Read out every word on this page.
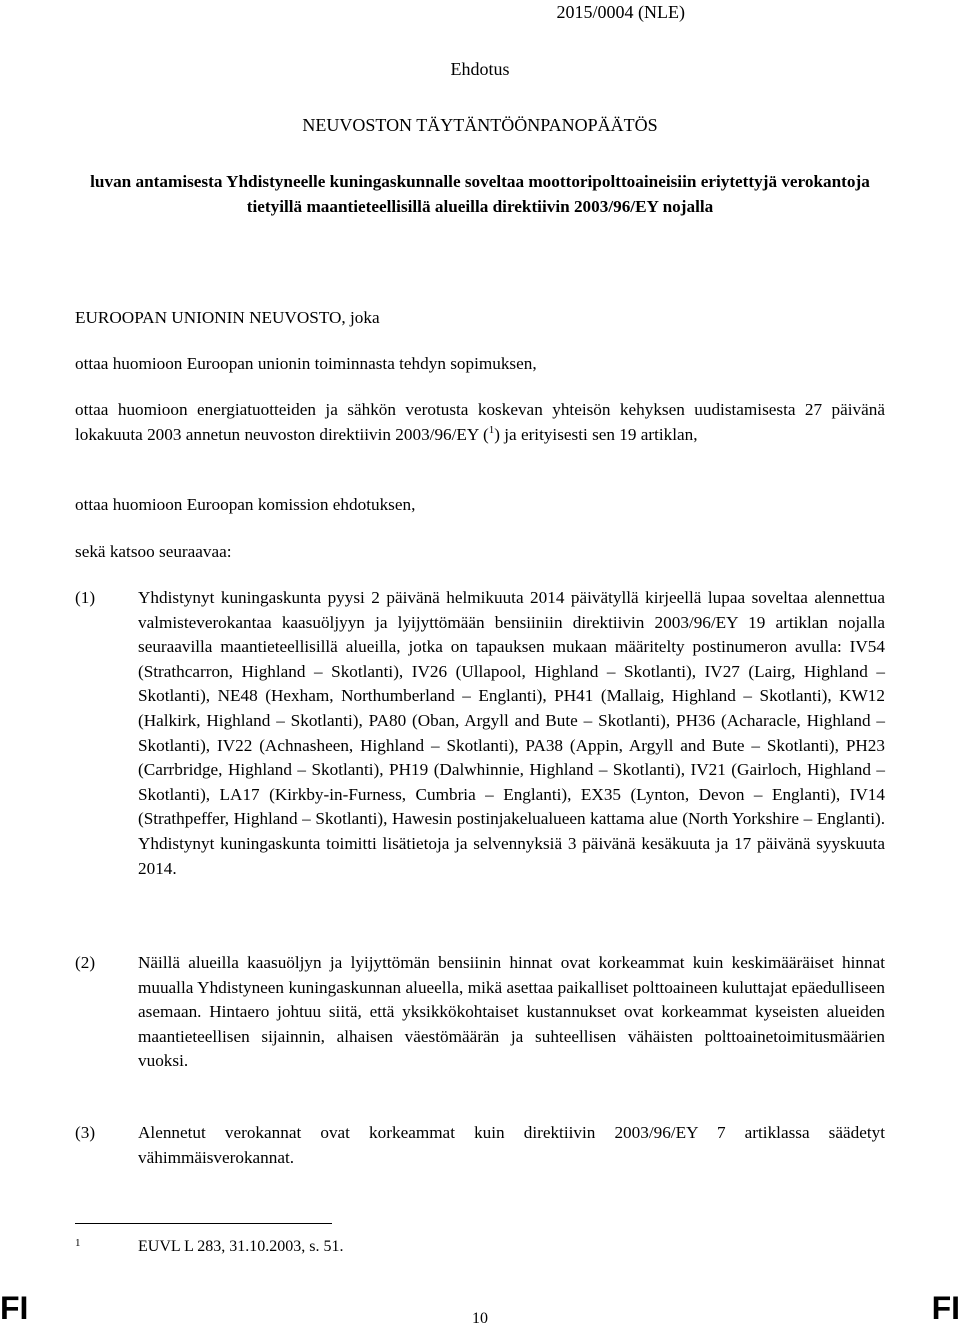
2015/0004 (NLE)
Ehdotus
NEUVOSTON TÄYTÄNTÖÖNPANOPÄÄTÖS
luvan antamisesta Yhdistyneelle kuningaskunnalle soveltaa moottoripolttoaineisiin eriytettyjä verokantoja tietyillä maantieteellisillä alueilla direktiivin 2003/96/EY nojalla
EUROOPAN UNIONIN NEUVOSTO, joka
ottaa huomioon Euroopan unionin toiminnasta tehdyn sopimuksen,
ottaa huomioon energiatuotteiden ja sähkön verotusta koskevan yhteisön kehyksen uudistamisesta 27 päivänä lokakuuta 2003 annetun neuvoston direktiivin 2003/96/EY ($^1$) ja erityisesti sen 19 artiklan,
ottaa huomioon Euroopan komission ehdotuksen,
sekä katsoo seuraavaa:
(1) Yhdistynyt kuningaskunta pyysi 2 päivänä helmikuuta 2014 päivätyllä kirjeellä lupaa soveltaa alennettua valmisteverokantaa kaasuöljyyn ja lyijyttömään bensiiniin direktiivin 2003/96/EY 19 artiklan nojalla seuraavilla maantieteellisillä alueilla, jotka on tapauksen mukaan määritelty postinumeron avulla: IV54 (Strathcarron, Highland – Skotlanti), IV26 (Ullapool, Highland – Skotlanti), IV27 (Lairg, Highland – Skotlanti), NE48 (Hexham, Northumberland – Englanti), PH41 (Mallaig, Highland – Skotlanti), KW12 (Halkirk, Highland – Skotlanti), PA80 (Oban, Argyll and Bute – Skotlanti), PH36 (Acharacle, Highland – Skotlanti), IV22 (Achnasheen, Highland – Skotlanti), PA38 (Appin, Argyll and Bute – Skotlanti), PH23 (Carrbridge, Highland – Skotlanti), PH19 (Dalwhinnie, Highland – Skotlanti), IV21 (Gairloch, Highland – Skotlanti), LA17 (Kirkby-in-Furness, Cumbria – Englanti), EX35 (Lynton, Devon – Englanti), IV14 (Strathpeffer, Highland – Skotlanti), Hawesin postinjakelualueen kattama alue (North Yorkshire – Englanti). Yhdistynyt kuningaskunta toimitti lisätietoja ja selvennyksiä 3 päivänä kesäkuuta ja 17 päivänä syyskuuta 2014.
(2) Näillä alueilla kaasuöljyn ja lyijyttömän bensiinin hinnat ovat korkeammat kuin keskimääräiset hinnat muualla Yhdistyneen kuningaskunnan alueella, mikä asettaa paikalliset polttoaineen kuluttajat epäedulliseen asemaan. Hintaero johtuu siitä, että yksikkökohtaiset kustannukset ovat korkeammat kyseisten alueiden maantieteellisen sijainnin, alhaisen väestömäärän ja suhteellisen vähäisten polttoainetoimitusmäärien vuoksi.
(3) Alennetut verokannat ovat korkeammat kuin direktiivin 2003/96/EY 7 artiklassa säädetyt vähimmäisverokannat.
1	EUVL L 283, 31.10.2003, s. 51.
FI	10	FI
